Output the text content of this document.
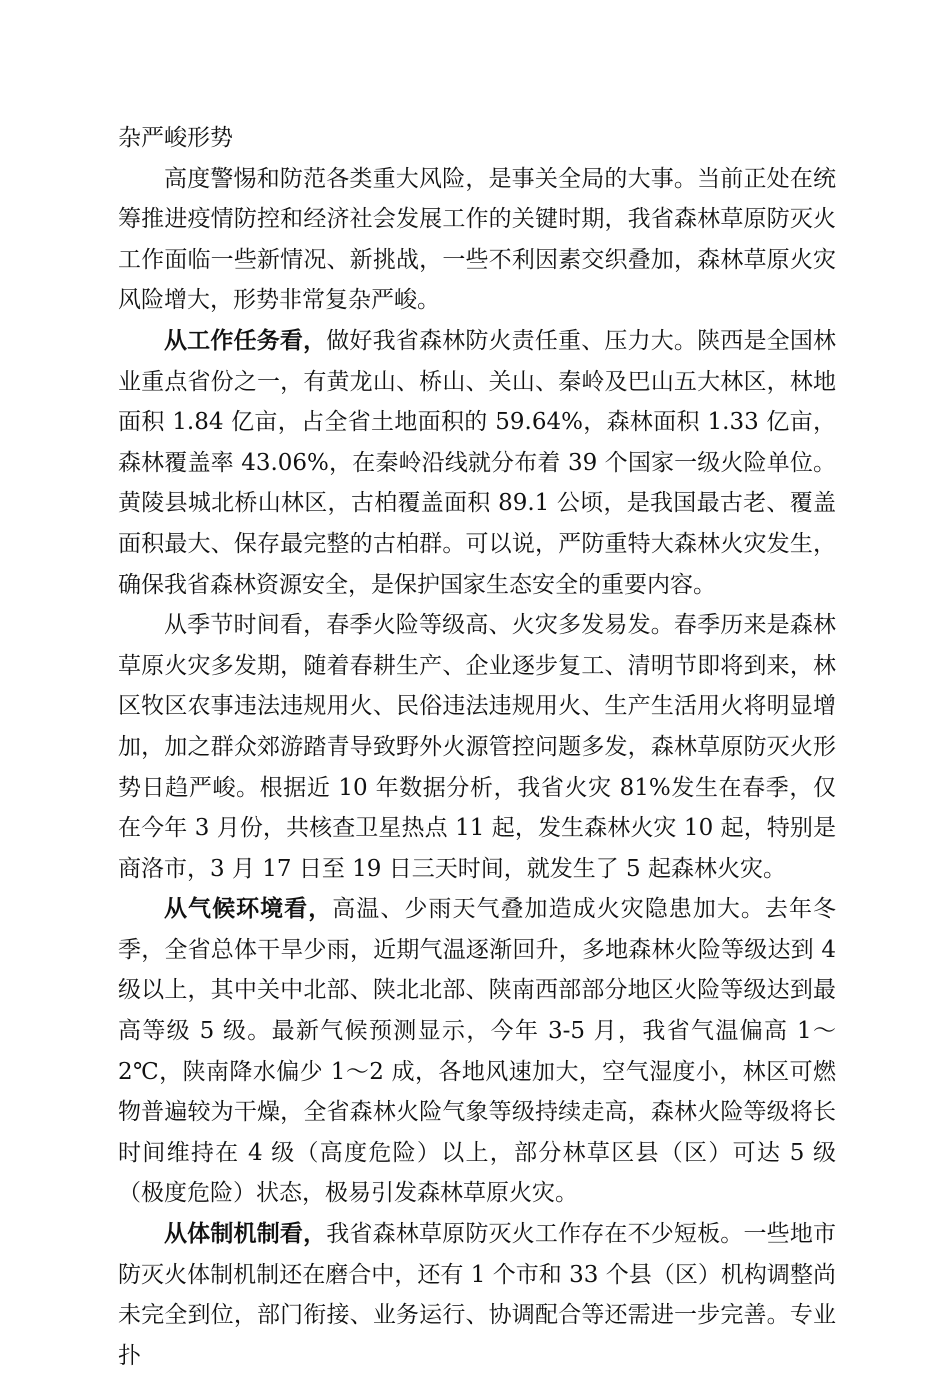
杂严峻形势

高度警惕和防范各类重大风险，是事关全局的大事。当前正处在统筹推进疫情防控和经济社会发展工作的关键时期，我省森林草原防灭火工作面临一些新情况、新挑战，一些不利因素交织叠加，森林草原火灾风险增大，形势非常复杂严峻。

从工作任务看，做好我省森林防火责任重、压力大。陕西是全国林业重点省份之一，有黄龙山、桥山、关山、秦岭及巴山五大林区，林地面积 1.84 亿亩，占全省土地面积的 59.64%，森林面积 1.33 亿亩，森林覆盖率 43.06%，在秦岭沿线就分布着 39 个国家一级火险单位。黄陵县城北桥山林区，古柏覆盖面积 89.1 公顷，是我国最古老、覆盖面积最大、保存最完整的古柏群。可以说，严防重特大森林火灾发生，确保我省森林资源安全，是保护国家生态安全的重要内容。

从季节时间看，春季火险等级高、火灾多发易发。春季历来是森林草原火灾多发期，随着春耕生产、企业逐步复工、清明节即将到来，林区牧区农事违法违规用火、民俗违法违规用火、生产生活用火将明显增加，加之群众郊游踏青导致野外火源管控问题多发，森林草原防灭火形势日趋严峻。根据近 10 年数据分析，我省火灾 81%发生在春季，仅在今年 3 月份，共核查卫星热点 11 起，发生森林火灾 10 起，特别是商洛市，3 月 17 日至 19 日三天时间，就发生了 5 起森林火灾。

从气候环境看，高温、少雨天气叠加造成火灾隐患加大。去年冬季，全省总体干旱少雨，近期气温逐渐回升，多地森林火险等级达到 4 级以上，其中关中北部、陕北北部、陕南西部部分地区火险等级达到最高等级 5 级。最新气候预测显示，今年 3-5 月，我省气温偏高 1～2℃，陕南降水偏少 1～2 成，各地风速加大，空气湿度小，林区可燃物普遍较为干燥，全省森林火险气象等级持续走高，森林火险等级将长时间维持在 4 级（高度危险）以上，部分林草区县（区）可达 5 级（极度危险）状态，极易引发森林草原火灾。

从体制机制看，我省森林草原防灭火工作存在不少短板。一些地市防灭火体制机制还在磨合中，还有 1 个市和 33 个县（区）机构调整尚未完全到位，部门衔接、业务运行、协调配合等还需进一步完善。专业扑
